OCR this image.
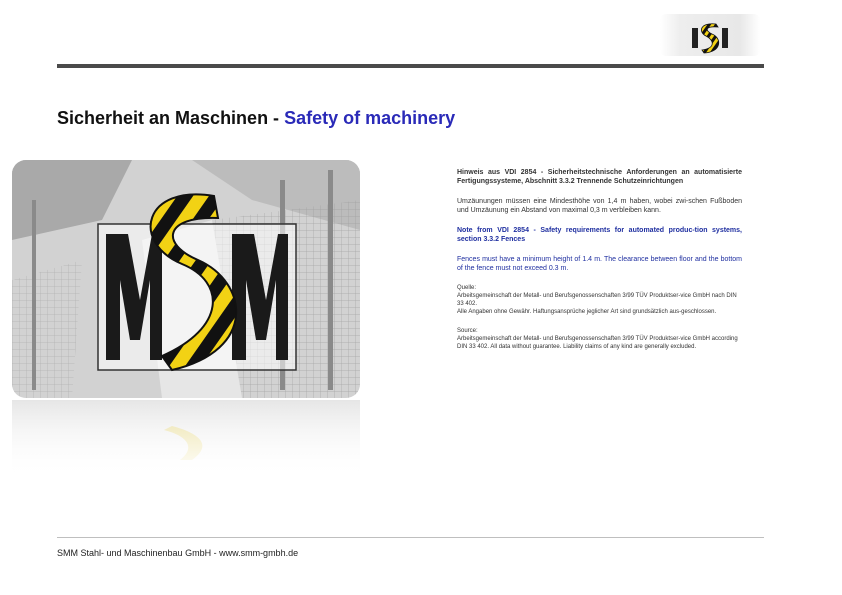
Sicherheit an Maschinen - Safety of machinery

Hinweis aus VDI 2854 - Sicherheitstechnische Anforderungen an automatisierte Fertigungssysteme, Abschnitt 3.3.2 Trennende Schutzeinrichtungen

Umzäunungen müssen eine Mindesthöhe von 1,4 m haben, wobei zwi-schen Fußboden und Umzäunung ein Abstand von maximal 0,3 m verbleiben kann.

Note from VDI 2854 - Safety requirements for automated produc-tion systems, section 3.3.2 Fences

Fences must have a minimum height of 1.4 m. The clearance between floor and the bottom of the fence must not exceed 0.3 m.

Quelle:

Arbeitsgemeinschaft der Metall- und Berufsgenossenschaften 3/99 TÜV Produktser-vice GmbH nach DIN 33 402.

Alle Angaben ohne Gewähr. Haftungsansprüche jeglicher Art sind grundsätzlich aus-geschlossen.

Source:

Arbeitsgemeinschaft der Metall- und Berufsgenossenschaften 3/99 TÜV Produktser-vice GmbH according DIN 33 402. All data without guarantee. Liability claims of any kind are generally excluded.

SMM Stahl- und Maschinenbau GmbH - www.smm-gmbh.de
